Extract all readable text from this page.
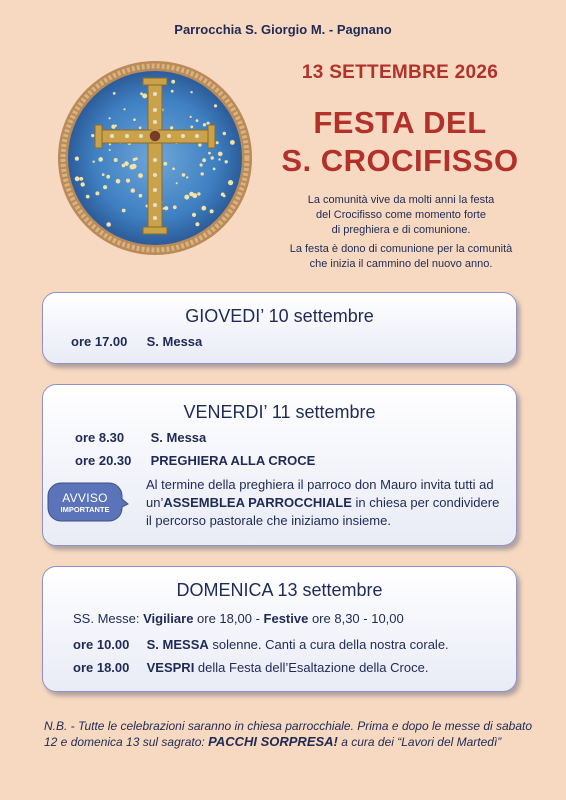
Parrocchia S. Giorgio M. - Pagnano
13 SETTEMBRE 2026
FESTA DEL
S. CROCIFISSO

La comunità vive da molti anni la festa

del Crocifisso come momento forte

di preghiera e di comunione.

La festa è dono di comunione per la comunità

che inizia il cammino del nuovo anno.

GIOVEDI’ 10 settembre
ore 17.00 S. Messa
VENERDI’ 11 settembre
ore 8.30 S. Messa
ore 20.30 PREGHIERA ALLA CROCE
AVVISO
IMPORTANTE
Al termine della preghiera il parroco don Mauro invita tutti ad un’ASSEMBLEA PARROCCHIALE in chiesa per condividere il percorso pastorale che iniziamo insieme.
DOMENICA 13 settembre
SS. Messe: Vigiliare ore 18,00 - Festive ore 8,30 - 10,00
ore 10.00 S. MESSA solenne. Canti a cura della nostra corale.
ore 18.00 VESPRI della Festa dell’Esaltazione della Croce.
N.B. - Tutte le celebrazioni saranno in chiesa parrocchiale. Prima e dopo le messe di sabato 12 e domenica 13 sul sagrato: PACCHI SORPRESA! a cura dei “Lavori del Martedì”
